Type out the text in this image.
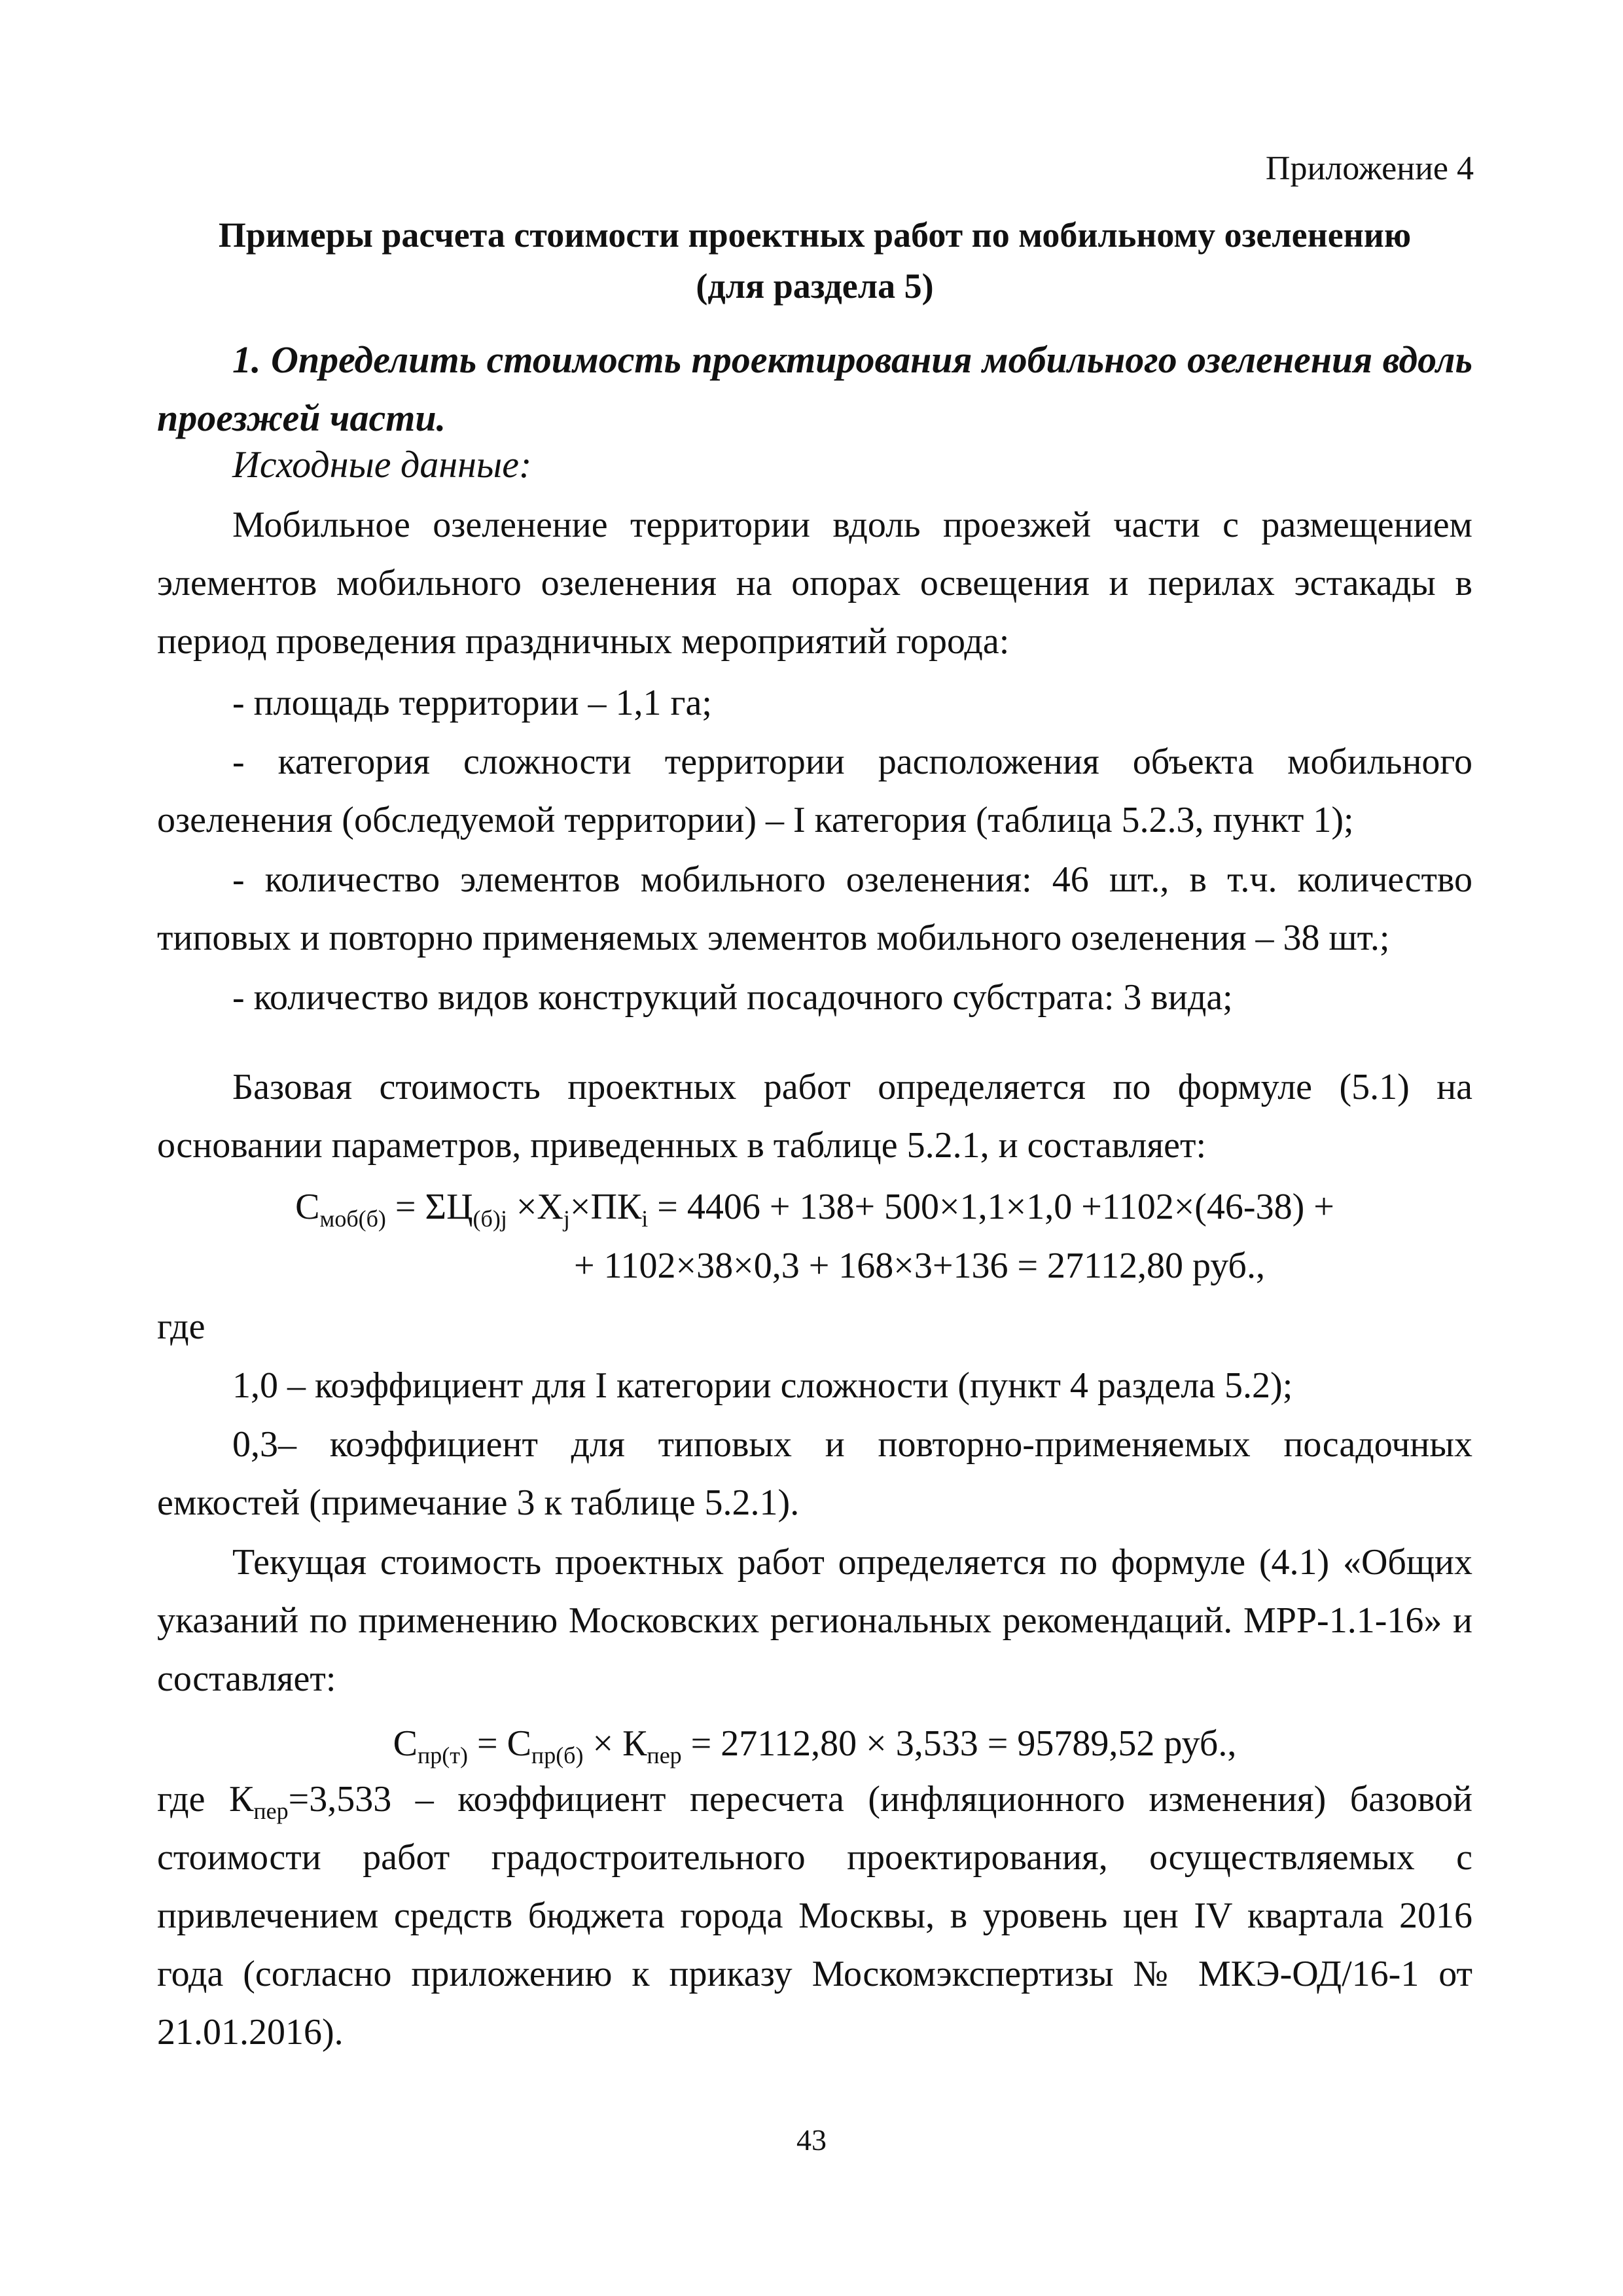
Приложение 4
Примеры расчета стоимости проектных работ по мобильному озеленению
(для раздела 5)

1. Определить стоимость проектирования мобильного озеленения вдоль проезжей части.

Исходные данные:

Мобильное озеленение территории вдоль проезжей части с размещением элементов мобильного озеленения на опорах освещения и перилах эстакады в период проведения праздничных мероприятий города:

- площадь территории – 1,1 га;

- категория сложности территории расположения объекта мобильного озеленения (обследуемой территории) – I категория (таблица 5.2.3, пункт 1);

- количество элементов мобильного озеленения: 46 шт., в т.ч. количество типовых и повторно применяемых элементов мобильного озеленения – 38 шт.;

- количество видов конструкций посадочного субстрата: 3 вида;

Базовая стоимость проектных работ определяется по формуле (5.1) на основании параметров, приведенных в таблице 5.2.1, и составляет:

$С_{моб(б)} = \Sigma Ц_{(б)j} \times Х_j\times ПК_i = 4406 + 138+ 500\times 1,1\times 1,0 +1102\times(46-38)$ +
+ 1102×38×0,3 + 168×3+136 = 27112,80 руб.,

где

1,0 – коэффициент для I категории сложности (пункт 4 раздела 5.2);

0,3– коэффициент для типовых и повторно-применяемых посадочных емкостей (примечание 3 к таблице 5.2.1).

Текущая стоимость проектных работ определяется по формуле (4.1) «Общих указаний по применению Московских региональных рекомендаций. МРР-1.1-16» и составляет:

$С_{пр(т)} = С_{пр(б)} \times К_{пер} = 27112,80 \times 3,533 = 95789,52$ руб.,

где $К_{пер}=3,533$ – коэффициент пересчета (инфляционного изменения) базовой стоимости работ градостроительного проектирования, осуществляемых с привлечением средств бюджета города Москвы, в уровень цен IV квартала 2016 года (согласно приложению к приказу Москомэкспертизы № МКЭ-ОД/16-1 от 21.01.2016).

43
